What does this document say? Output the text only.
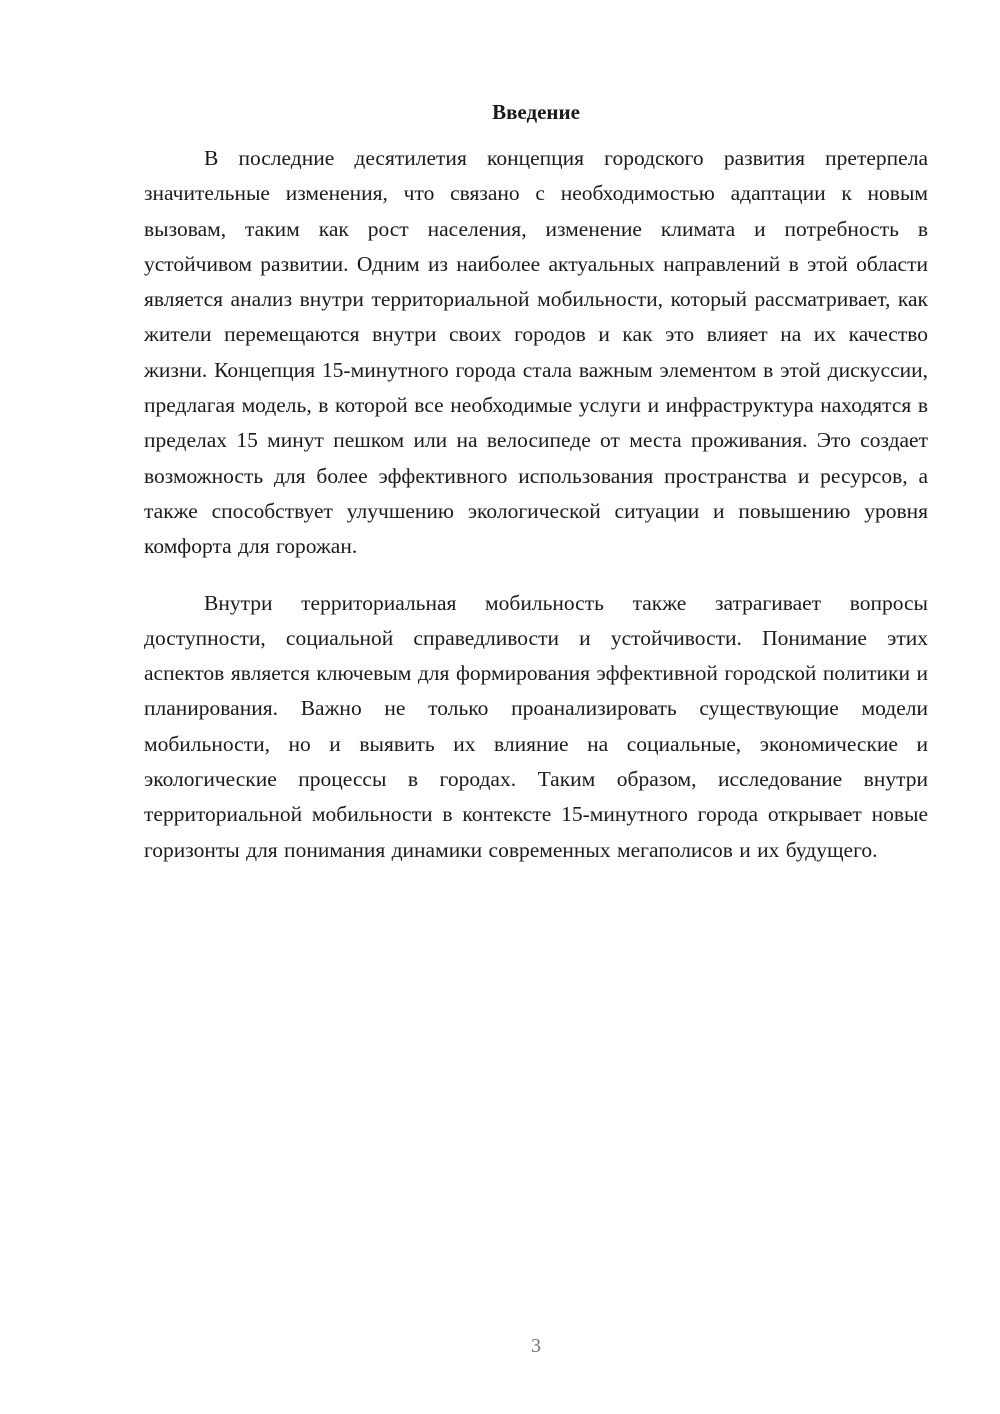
Введение

В последние десятилетия концепция городского развития претерпела значительные изменения, что связано с необходимостью адаптации к новым вызовам, таким как рост населения, изменение климата и потребность в устойчивом развитии. Одним из наиболее актуальных направлений в этой области является анализ внутри территориальной мобильности, который рассматривает, как жители перемещаются внутри своих городов и как это влияет на их качество жизни. Концепция 15-минутного города стала важным элементом в этой дискуссии, предлагая модель, в которой все необходимые услуги и инфраструктура находятся в пределах 15 минут пешком или на велосипеде от места проживания. Это создает возможность для более эффективного использования пространства и ресурсов, а также способствует улучшению экологической ситуации и повышению уровня комфорта для горожан.

Внутри территориальная мобильность также затрагивает вопросы доступности, социальной справедливости и устойчивости. Понимание этих аспектов является ключевым для формирования эффективной городской политики и планирования. Важно не только проанализировать существующие модели мобильности, но и выявить их влияние на социальные, экономические и экологические процессы в городах. Таким образом, исследование внутри территориальной мобильности в контексте 15-минутного города открывает новые горизонты для понимания динамики современных мегаполисов и их будущего.

3
